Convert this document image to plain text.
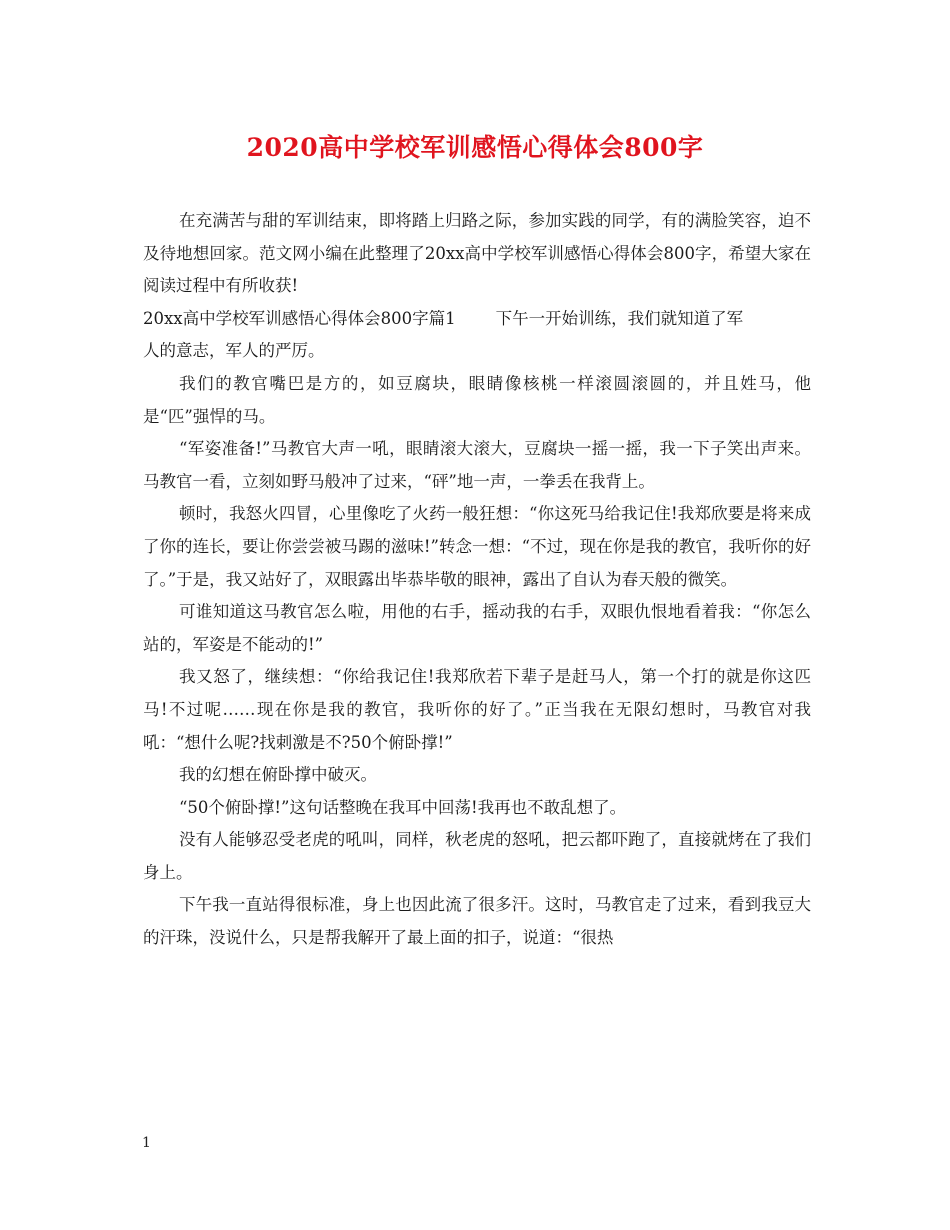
2020高中学校军训感悟心得体会800字

在充满苦与甜的军训结束，即将踏上归路之际，参加实践的同学，有的满脸笑容，迫不及待地想回家。范文网小编在此整理了20xx高中学校军训感悟心得体会800字，希望大家在阅读过程中有所收获!

20xx高中学校军训感悟心得体会800字篇1 下午一开始训练，我们就知道了军

人的意志，军人的严厉。

我们的教官嘴巴是方的，如豆腐块，眼睛像核桃一样滚圆滚圆的，并且姓马，他是“匹”强悍的马。

“军姿准备!”马教官大声一吼，眼睛滚大滚大，豆腐块一摇一摇，我一下子笑出声来。马教官一看，立刻如野马般冲了过来，“砰”地一声，一拳丢在我背上。

顿时，我怒火四冒，心里像吃了火药一般狂想：“你这死马给我记住!我郑欣要是将来成了你的连长，要让你尝尝被马踢的滋味!”转念一想：“不过，现在你是我的教官，我听你的好了。”于是，我又站好了，双眼露出毕恭毕敬的眼神，露出了自认为春天般的微笑。

可谁知道这马教官怎么啦，用他的右手，摇动我的右手，双眼仇恨地看着我：“你怎么站的，军姿是不能动的!”

我又怒了，继续想：“你给我记住!我郑欣若下辈子是赶马人，第一个打的就是你这匹马!不过呢……现在你是我的教官，我听你的好了。”正当我在无限幻想时，马教官对我吼：“想什么呢?找刺激是不?50个俯卧撑!”

我的幻想在俯卧撑中破灭。

“50个俯卧撑!”这句话整晚在我耳中回荡!我再也不敢乱想了。

没有人能够忍受老虎的吼叫，同样，秋老虎的怒吼，把云都吓跑了，直接就烤在了我们身上。

下午我一直站得很标准，身上也因此流了很多汗。这时，马教官走了过来，看到我豆大的汗珠，没说什么，只是帮我解开了最上面的扣子，说道：“很热

1
